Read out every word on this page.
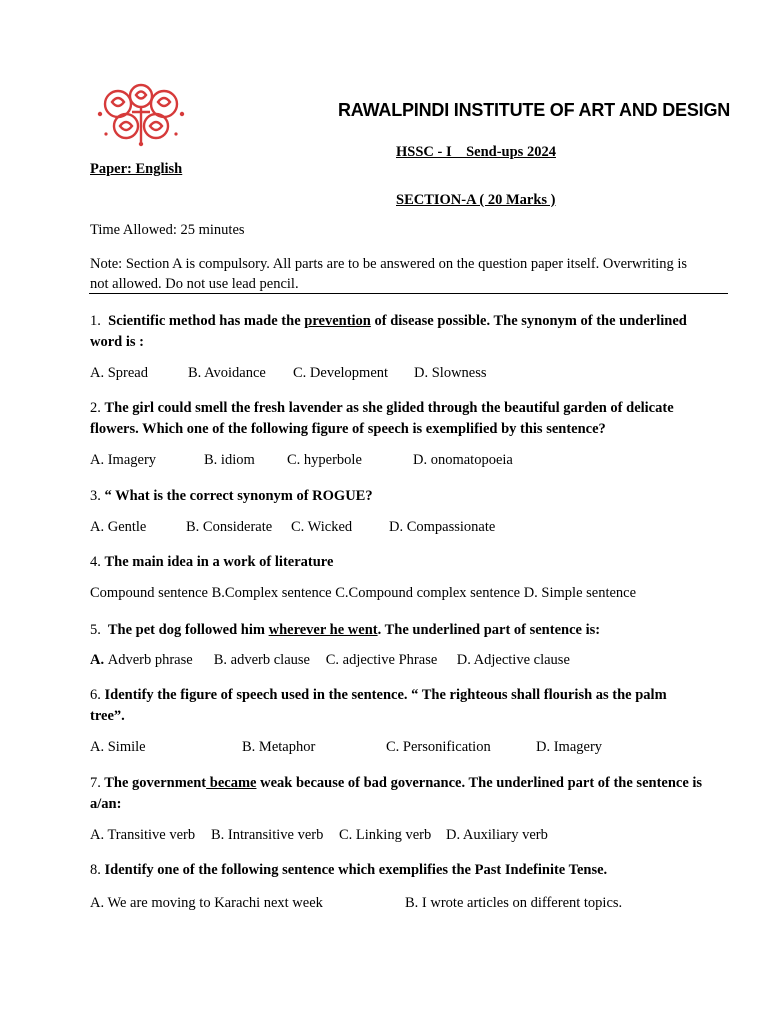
RAWALPINDI INSTITUTE OF ART AND DESIGN
HSSC - I    Send-ups 2024
Paper: English
SECTION-A ( 20 Marks )
Time Allowed: 25 minutes
Note: Section A is compulsory. All parts are to be answered on the question paper itself. Overwriting is
not allowed. Do not use lead pencil.
1. Scientific method has made the prevention of disease possible. The synonym of the underlined
word is :
A. Spread	B. Avoidance C. Development D. Slowness
2. The girl could smell the fresh lavender as she glided through the beautiful garden of delicate
flowers. Which one of the following figure of speech is exemplified by this sentence?
A. Imagery	B. idiom C. hyperbole	D. onomatopoeia
3. “ What is the correct synonym of ROGUE?
A. Gentle	B. Considerate C. Wicked	D. Compassionate
4. The main idea in a work of literature
Compound sentence B.Complex sentence C.Compound complex sentence D. Simple sentence
5. The pet dog followed him wherever he went. The underlined part of sentence is:
A. Adverb phrase B. adverb clause C. adjective Phrase D. Adjective clause
6. Identify the figure of speech used in the sentence. “ The righteous shall flourish as the palm
tree”.
A. Simile	B. Metaphor	C. Personification	D. Imagery
7. The government became weak because of bad governance. The underlined part of the sentence is
a/an:
A. Transitive verb B. Intransitive verb C. Linking verb D. Auxiliary verb
8. Identify one of the following sentence which exemplifies the Past Indefinite Tense.
A. We are moving to Karachi next week	B. I wrote articles on different topics.
